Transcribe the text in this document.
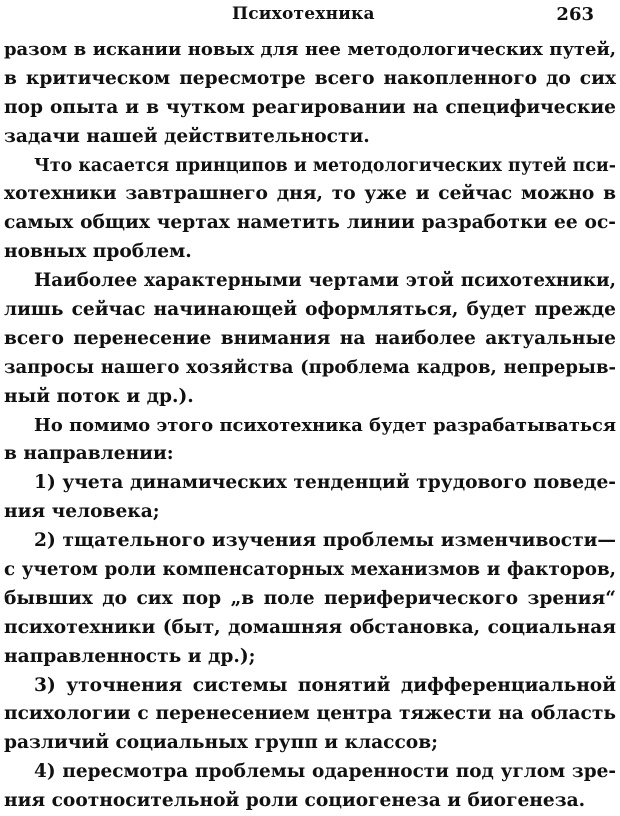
Психотехника	263
разом в искании новых для нее методологических путей,
в критическом пересмотре всего накопленного до сих
пор опыта и в чутком реагировании на специфические
задачи нашей действительности.
Что касается принципов и методологических путей пси-
хотехники завтрашнего дня, то уже и сейчас можно в
самых общих чертах наметить линии разработки ее ос-
новных проблем.
Наиболее характерными чертами этой психотехники,
лишь сейчас начинающей оформляться, будет прежде
всего перенесение внимания на наиболее актуальные
запросы нашего хозяйства (проблема кадров, непрерыв-
ный поток и др.).
Но помимо этого психотехника будет разрабатываться
в направлении:
1) учета динамических тенденций трудового поведе-
ния человека;
2) тщательного изучения проблемы изменчивости—
с учетом роли компенсаторных механизмов и факторов,
бывших до сих пор „в поле периферического зрения“
психотехники (быт, домашняя обстановка, социальная
направленность и др.);
3) уточнения системы понятий дифференциальной
психологии с перенесением центра тяжести на область
различий социальных групп и классов;
4) пересмотра проблемы одаренности под углом зре-
ния соотносительной роли социогенеза и биогенеза.
